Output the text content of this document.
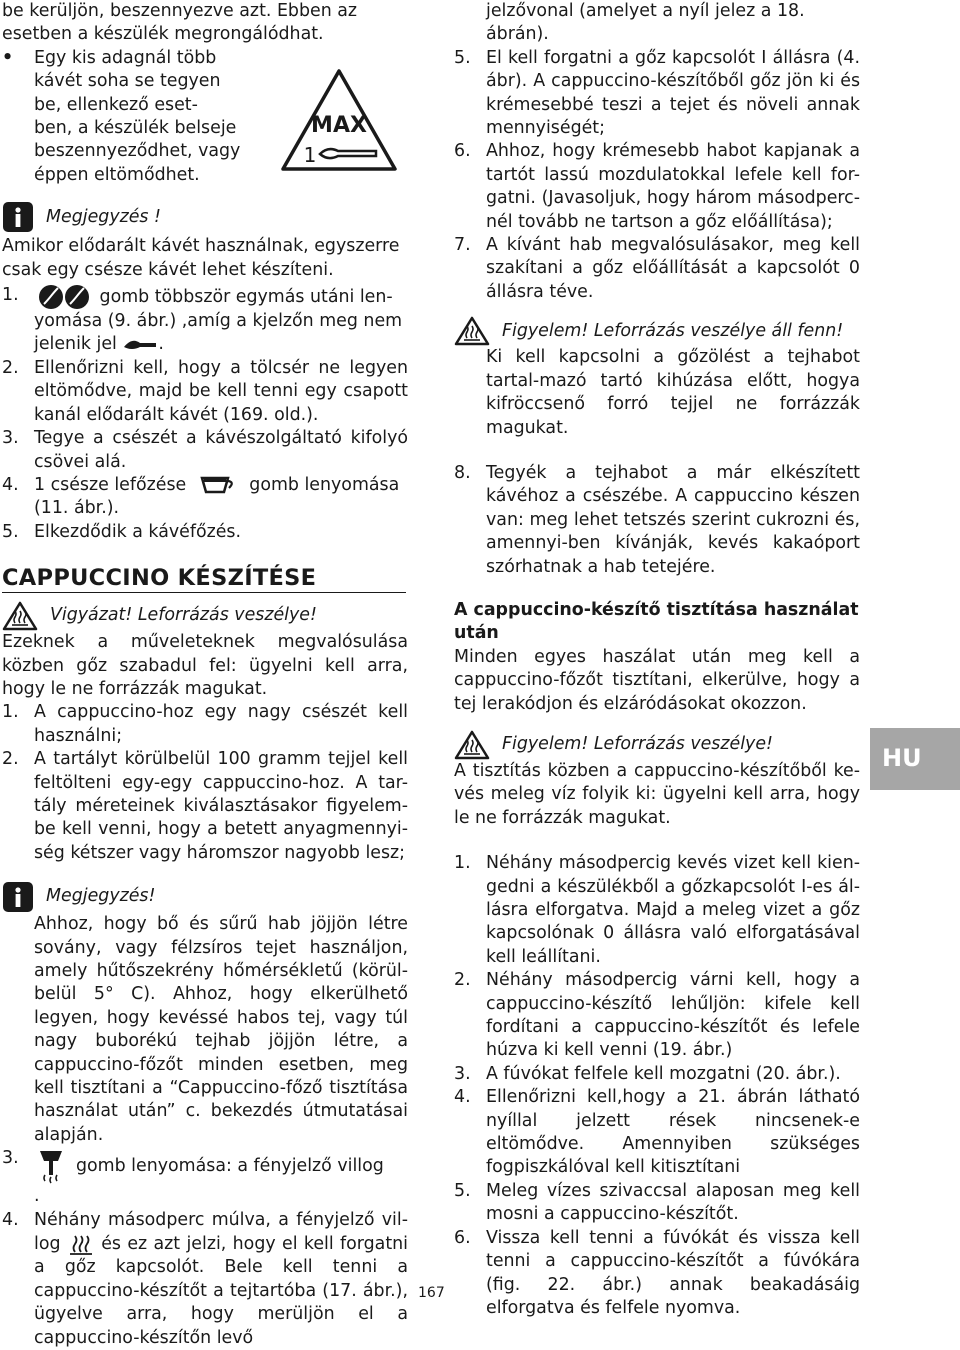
be kerüljön, beszennyezve azt. Ebben az

esetben a készülék megrongálódhat.

• Egy kis adagnál több

kávét soha se tegyen

be, ellenkező eset-

ben, a készülék belseje

beszennyeződhet, vagy

éppen eltömődhet.

Megjegyzés !

Amikor elődarált kávét használnak, egyszerre csak egy csésze kávét lehet készíteni.

1.	gomb többször egymás utáni len-yomása (9. ábr.) ,amíg a kjelzőn meg nem jelenik jel .

2. Ellenőrizni kell, hogy a tölcsér ne legyen eltömődve, majd be kell tenni egy csapott kanál elődarált kávét (169. old.).

3. Tegye a csészét a kávészolgáltató kifolyó csövei alá.

4. 1 csésze lefőzése	gomb lenyomása (11. ábr.).

5. Elkezdődik a kávéfőzés.

CAPPUCCINO KÉSZÍTÉSE
Vigyázat! Leforrázás veszélye!

Ezeknek a műveleteknek megvalósulása közben gőz szabadul fel: ügyelni kell arra, hogy le ne forrázzák magukat.

1. A cappuccino-hoz egy nagy csészét kell használni;

2. A tartályt körülbelül 100 gramm tejjel kell feltölteni egy-egy cappuccino-hoz. A tar-tály méreteinek kiválasztásakor figyelem-be kell venni, hogy a betett anyagmennyi-ség kétszer vagy háromszor nagyobb lesz;

Megjegyzés!

Ahhoz, hogy bő és sűrű hab jöjjön létre sovány, vagy félzsíros tejet használjon, amely hűtőszekrény hőmérsékletű (körül-belül 5° C). Ahhoz, hogy elkerülhető legyen, hogy kevéssé habos tej, vagy túl nagy buborékú tejhab jöjjön létre, a cappuccino-főzőt minden esetben, meg kell tisztítani a “Cappuccino-főző tisztítása használat után” c. bekezdés útmutatásai alapján.

3.	gomb lenyomása: a fényjelző villog
.

4. Néhány másodperc múlva, a fényjelző vil-log és ez azt jelzi, hogy el kell forgatni a gőz kapcsolót. Bele kell tenni a cappuccino-készítőt a tejtartóba (17. ábr.), ügyelve arra, hogy merüljön el a cappuccino-készítőn levő

MAX
1

jelzővonal (amelyet a nyíl jelez a 18. ábrán).

5. El kell forgatni a gőz kapcsolót I állásra (4. ábr). A cappuccino-készítőből gőz jön ki és krémesebbé teszi a tejet és növeli annak mennyiségét;

6. Ahhoz, hogy krémesebb habot kapjanak a tartót lassú mozdulatokkal lefele kell for-gatni. (Javasoljuk, hogy három másodperc-nél tovább ne tartson a gőz előállítása);

7. A kívánt hab megvalósulásakor, meg kell szakítani a gőz előállítását a kapcsolót 0 állásra téve.

Figyelem! Leforrázás veszélye áll fenn!

Ki kell kapcsolni a gőzölést a tejhabot tartal-mazó tartó kihúzása előtt, hogya kifröccsenő forró tejjel ne forrázzák magukat.

8. Tegyék a tejhabot a már elkészített kávéhoz a csészébe. A cappuccino készen van: meg lehet tetszés szerint cukrozni és, amennyi-ben kívánják, kevés kakaóport szórhatnak a hab tetejére.

A cappuccino-készítő tisztítása használat után

Minden egyes haszálat után meg kell a cappuccino-főzőt tisztítani, elkerülve, hogy a tej lerakódjon és elzáródásokat okozzon.

Figyelem! Leforrázás veszélye!

A tisztítás közben a cappuccino-készítőből ke-vés meleg víz folyik ki: ügyelni kell arra, hogy le ne forrázzák magukat.

1. Néhány másodpercig kevés vizet kell kien-gedni a készülékből a gőzkapcsolót I-es ál-lásra elforgatva. Majd a meleg vizet a gőz kapcsolónak 0 állásra való elforgatásával kell leállítani.

2. Néhány másodpercig várni kell, hogy a cappuccino-készítő lehűljön: kifele kell fordítani a cappuccino-készítőt és lefele húzva ki kell venni (19. ábr.)

3. A fúvókat felfele kell mozgatni (20. ábr.).

4. Ellenőrizni kell,hogy a 21. ábrán látható nyíllal jelzett rések nincsenek-e eltömődve. Amennyiben szükséges fogpiszkálóval kell kitisztítani

5. Meleg vízes szivaccsal alaposan meg kell mosni a cappuccino-készítőt.

6. Vissza kell tenni a fúvókát és vissza kell tenni a cappuccino-készítőt a fúvókára (fig. 22. ábr.) annak beakadásáig elforgatva és felfele nyomva.

HU
167
